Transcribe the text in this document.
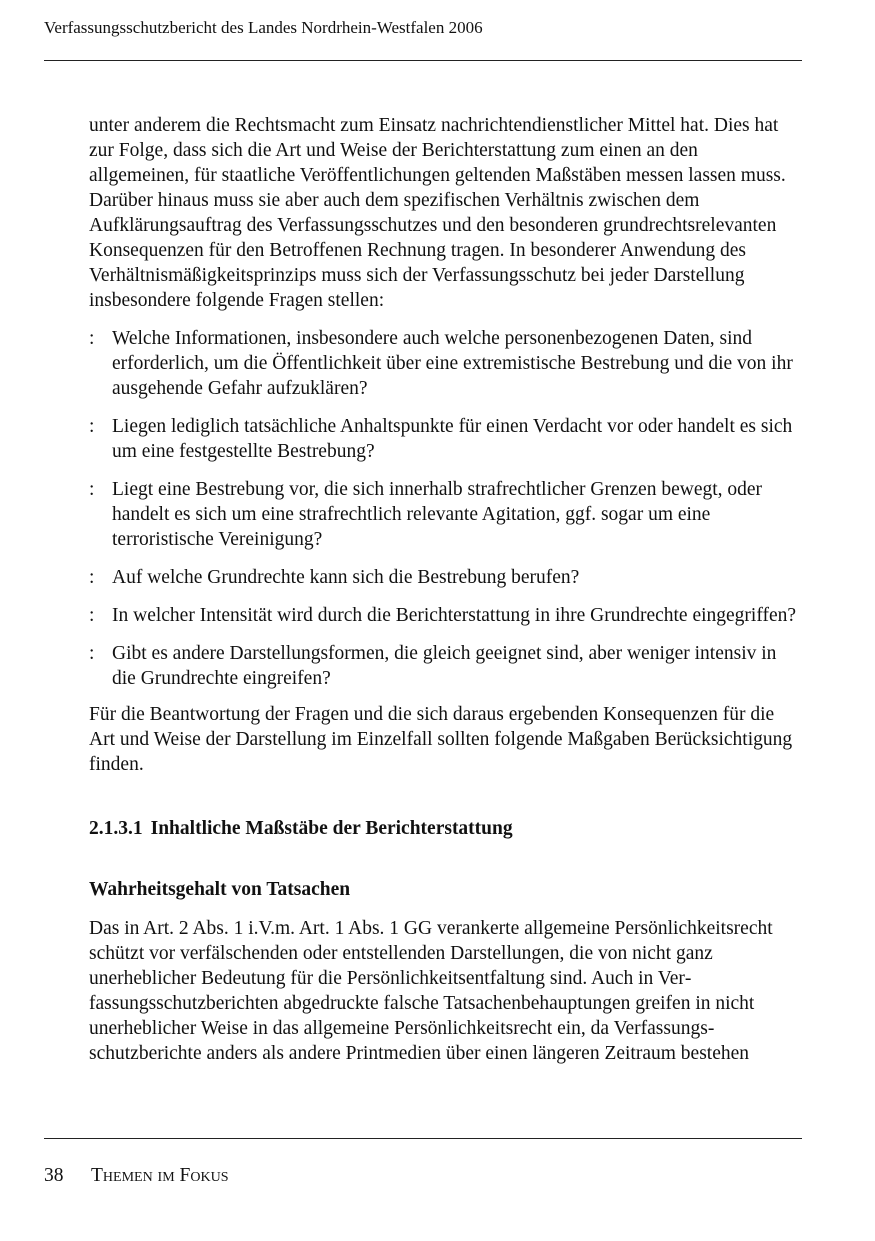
Verfassungsschutzbericht des Landes Nordrhein-Westfalen 2006

unter anderem die Rechtsmacht zum Einsatz nachrichtendienstlicher Mittel hat. Dies hat zur Folge, dass sich die Art und Weise der Berichterstattung zum einen an den allgemeinen, für staatliche Veröffentlichungen geltenden Maßstäben messen lassen muss. Darüber hinaus muss sie aber auch dem spezifischen Verhältnis zwischen dem Aufklärungsauftrag des Verfassungsschutzes und den besonderen grundrechtsrelevanten Konsequenzen für den Betroffenen Rechnung tragen. In besonderer Anwendung des Verhältnismäßigkeitsprinzips muss sich der Verfassungsschutz bei jeder Darstellung insbesondere folgende Fragen stellen:

: Welche Informationen, insbesondere auch welche personenbezogenen Daten, sind erforderlich, um die Öffentlichkeit über eine extremistische Bestrebung und die von ihr ausgehende Gefahr aufzuklären?
: Liegen lediglich tatsächliche Anhaltspunkte für einen Verdacht vor oder handelt es sich um eine festgestellte Bestrebung?
: Liegt eine Bestrebung vor, die sich innerhalb strafrechtlicher Grenzen bewegt, oder handelt es sich um eine strafrechtlich relevante Agitation, ggf. sogar um eine terroristische Vereinigung?
: Auf welche Grundrechte kann sich die Bestrebung berufen?
: In welcher Intensität wird durch die Berichterstattung in ihre Grundrechte eingegriffen?
: Gibt es andere Darstellungsformen, die gleich geeignet sind, aber weniger intensiv in die Grundrechte eingreifen?

Für die Beantwortung der Fragen und die sich daraus ergebenden Konsequenzen für die Art und Weise der Darstellung im Einzelfall sollten folgende Maßgaben Berücksichtigung finden.

2.1.3.1 Inhaltliche Maßstäbe der Berichterstattung
Wahrheitsgehalt von Tatsachen

Das in Art. 2 Abs. 1 i.V.m. Art. 1 Abs. 1 GG verankerte allgemeine Persönlichkeitsrecht schützt vor verfälschenden oder entstellenden Darstellungen, die von nicht ganz unerheblicher Bedeutung für die Persönlichkeitsentfaltung sind. Auch in Verfassungsschutzberichten abgedruckte falsche Tatsachenbehauptungen greifen in nicht unerheblicher Weise in das allgemeine Persönlichkeitsrecht ein, da Verfassungsschutzberichte anders als andere Printmedien über einen längeren Zeitraum bestehen

38 Themen im Fokus
